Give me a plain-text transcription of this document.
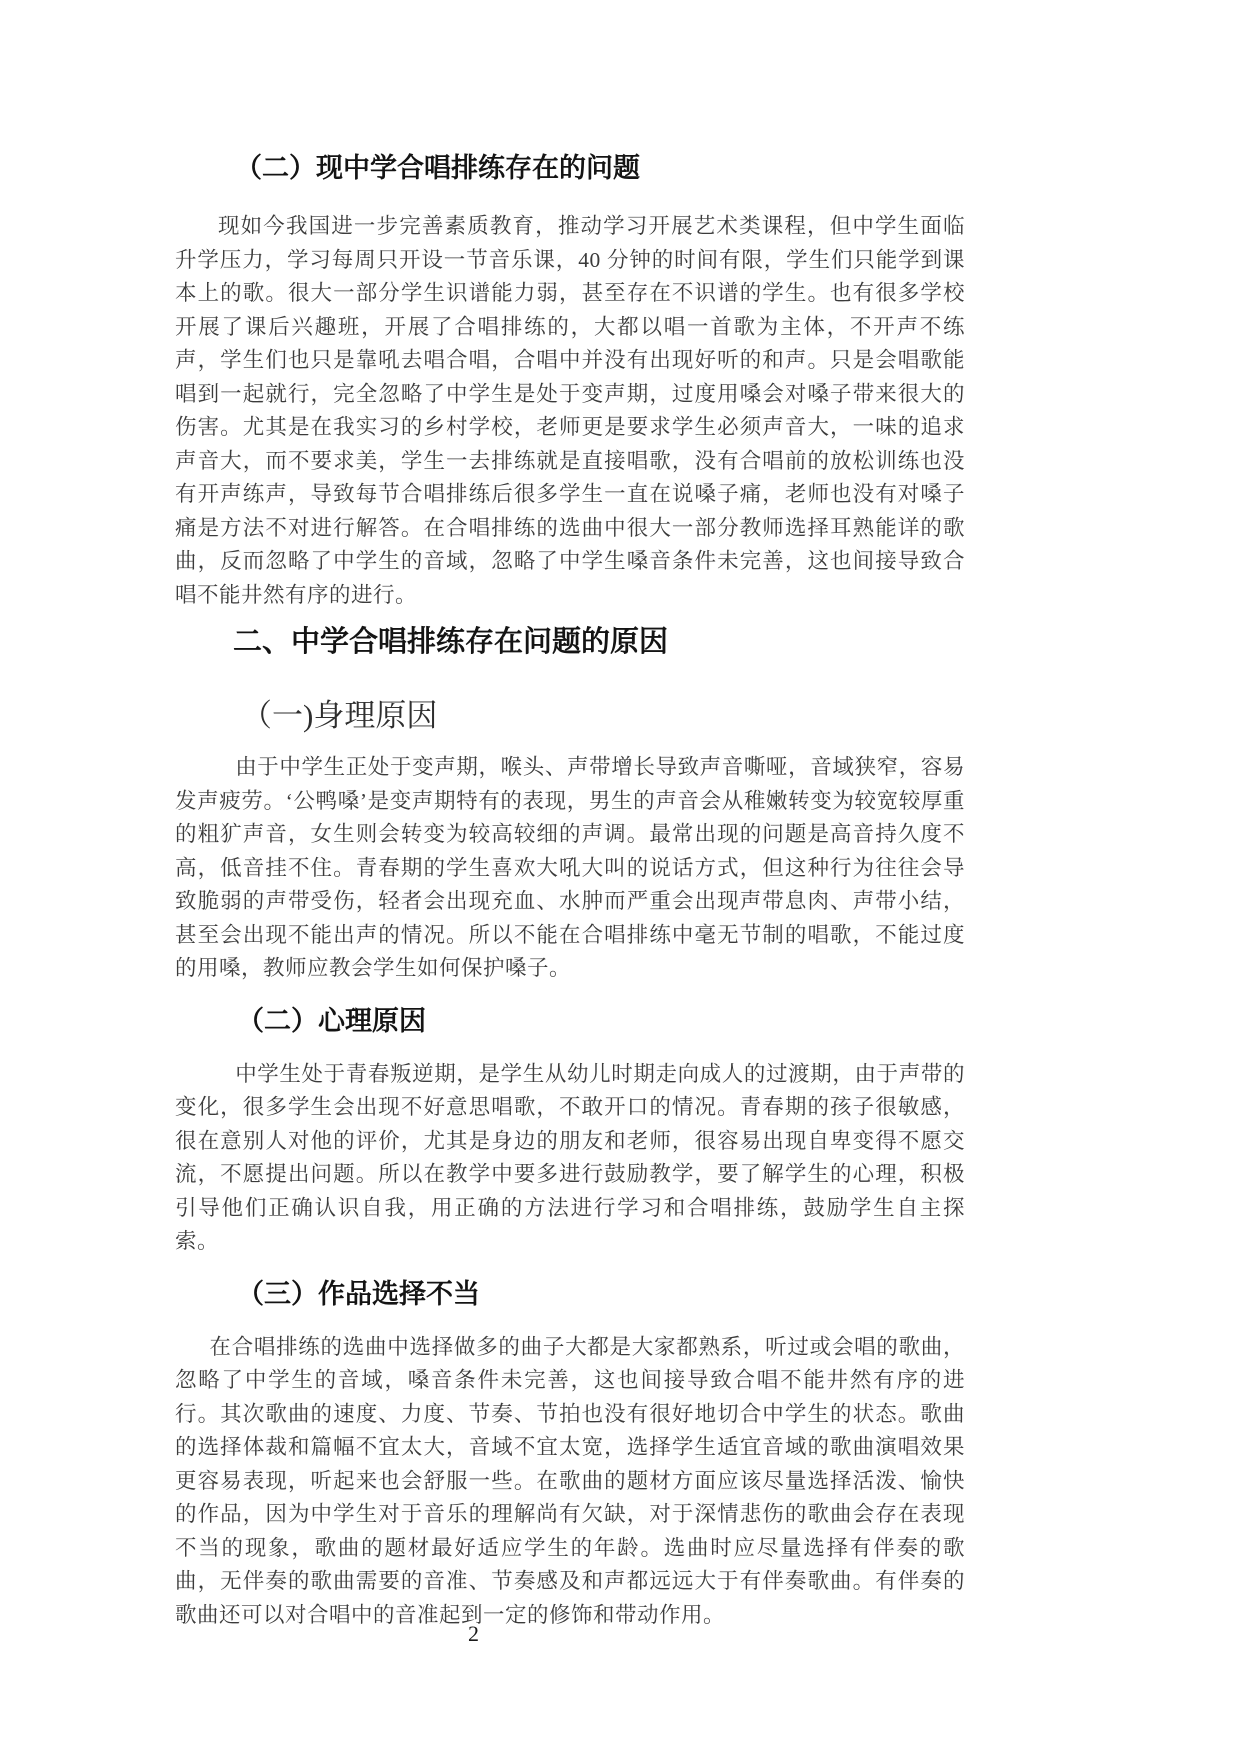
（二）现中学合唱排练存在的问题

现如今我国进一步完善素质教育，推动学习开展艺术类课程，但中学生面临升学压力，学习每周只开设一节音乐课，40 分钟的时间有限，学生们只能学到课本上的歌。很大一部分学生识谱能力弱，甚至存在不识谱的学生。也有很多学校开展了课后兴趣班，开展了合唱排练的，大都以唱一首歌为主体，不开声不练声，学生们也只是靠吼去唱合唱，合唱中并没有出现好听的和声。只是会唱歌能唱到一起就行，完全忽略了中学生是处于变声期，过度用嗓会对嗓子带来很大的伤害。尤其是在我实习的乡村学校，老师更是要求学生必须声音大，一味的追求声音大，而不要求美，学生一去排练就是直接唱歌，没有合唱前的放松训练也没有开声练声，导致每节合唱排练后很多学生一直在说嗓子痛，老师也没有对嗓子痛是方法不对进行解答。在合唱排练的选曲中很大一部分教师选择耳熟能详的歌曲，反而忽略了中学生的音域，忽略了中学生嗓音条件未完善，这也间接导致合唱不能井然有序的进行。

二、中学合唱排练存在问题的原因
（一)身理原因

由于中学生正处于变声期，喉头、声带增长导致声音嘶哑，音域狭窄，容易发声疲劳。‘公鸭嗓’是变声期特有的表现，男生的声音会从稚嫩转变为较宽较厚重的粗犷声音，女生则会转变为较高较细的声调。最常出现的问题是高音持久度不高，低音挂不住。青春期的学生喜欢大吼大叫的说话方式，但这种行为往往会导致脆弱的声带受伤，轻者会出现充血、水肿而严重会出现声带息肉、声带小结，甚至会出现不能出声的情况。所以不能在合唱排练中毫无节制的唱歌，不能过度的用嗓，教师应教会学生如何保护嗓子。

（二）心理原因

中学生处于青春叛逆期，是学生从幼儿时期走向成人的过渡期，由于声带的变化，很多学生会出现不好意思唱歌，不敢开口的情况。青春期的孩子很敏感，很在意别人对他的评价，尤其是身边的朋友和老师，很容易出现自卑变得不愿交流，不愿提出问题。所以在教学中要多进行鼓励教学，要了解学生的心理，积极引导他们正确认识自我，用正确的方法进行学习和合唱排练，鼓励学生自主探索。

（三）作品选择不当

在合唱排练的选曲中选择做多的曲子大都是大家都熟系，听过或会唱的歌曲，忽略了中学生的音域，嗓音条件未完善，这也间接导致合唱不能井然有序的进行。其次歌曲的速度、力度、节奏、节拍也没有很好地切合中学生的状态。歌曲的选择体裁和篇幅不宜太大，音域不宜太宽，选择学生适宜音域的歌曲演唱效果更容易表现，听起来也会舒服一些。在歌曲的题材方面应该尽量选择活泼、愉快的作品，因为中学生对于音乐的理解尚有欠缺，对于深情悲伤的歌曲会存在表现不当的现象，歌曲的题材最好适应学生的年龄。选曲时应尽量选择有伴奏的歌曲，无伴奏的歌曲需要的音准、节奏感及和声都远远大于有伴奏歌曲。有伴奏的歌曲还可以对合唱中的音准起到一定的修饰和带动作用。

2
